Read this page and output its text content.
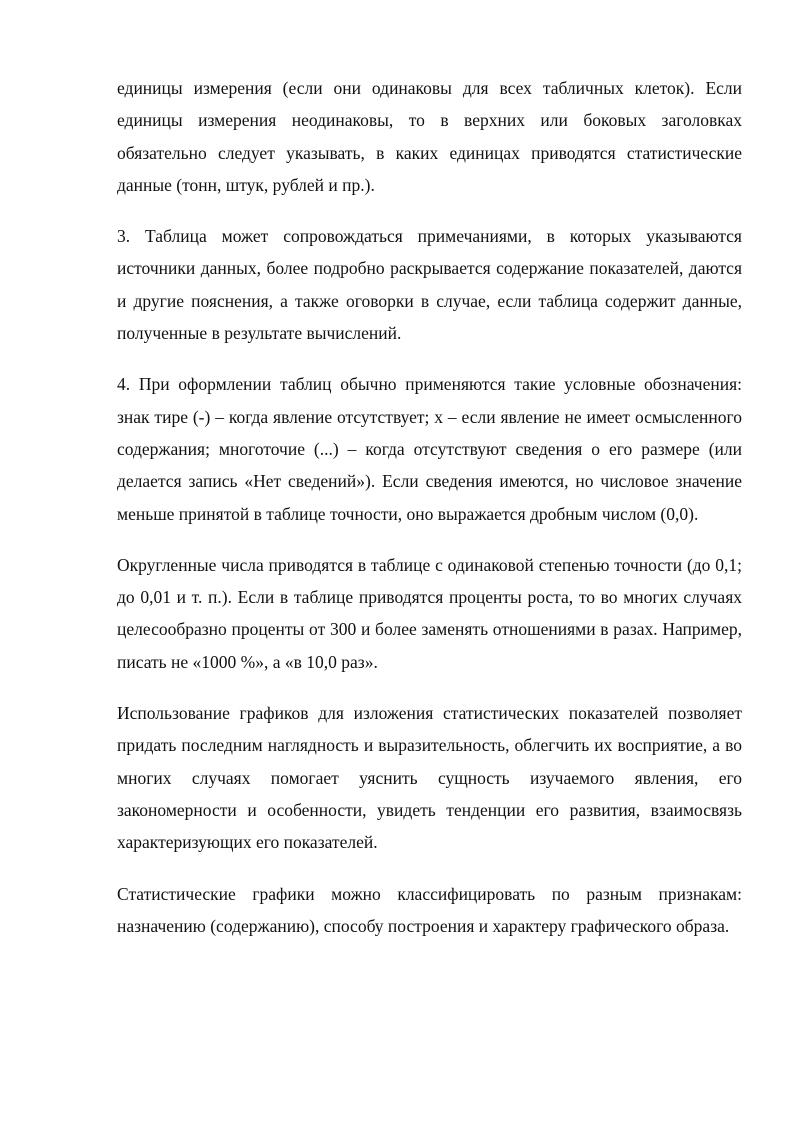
единицы измерения (если они одинаковы для всех табличных клеток). Если единицы измерения неодинаковы, то в верхних или боковых заголовках обязательно следует указывать, в каких единицах приводятся статистические данные (тонн, штук, рублей и пр.).

3. Таблица может сопровождаться примечаниями, в которых указываются источники данных, более подробно раскрывается содержание показателей, даются и другие пояснения, а также оговорки в случае, если таблица содержит данные, полученные в результате вычислений.

4. При оформлении таблиц обычно применяются такие условные обозначения: знак тире (-) – когда явление отсутствует; х – если явление не имеет осмысленного содержания; многоточие (...) – когда отсутствуют сведения о его размере (или делается запись «Нет сведений»). Если сведения имеются, но числовое значение меньше принятой в таблице точности, оно выражается дробным числом (0,0).

Округленные числа приводятся в таблице с одинаковой степенью точности (до 0,1; до 0,01 и т. п.). Если в таблице приводятся проценты роста, то во многих случаях целесообразно проценты от 300 и более заменять отношениями в разах. Например, писать не «1000 %», а «в 10,0 раз».

Использование графиков для изложения статистических показателей позволяет придать последним наглядность и выразительность, облегчить их восприятие, а во многих случаях помогает уяснить сущность изучаемого явления, его закономерности и особенности, увидеть тенденции его развития, взаимосвязь характеризующих его показателей.

Статистические графики можно классифицировать по разным признакам: назначению (содержанию), способу построения и характеру графического образа.
